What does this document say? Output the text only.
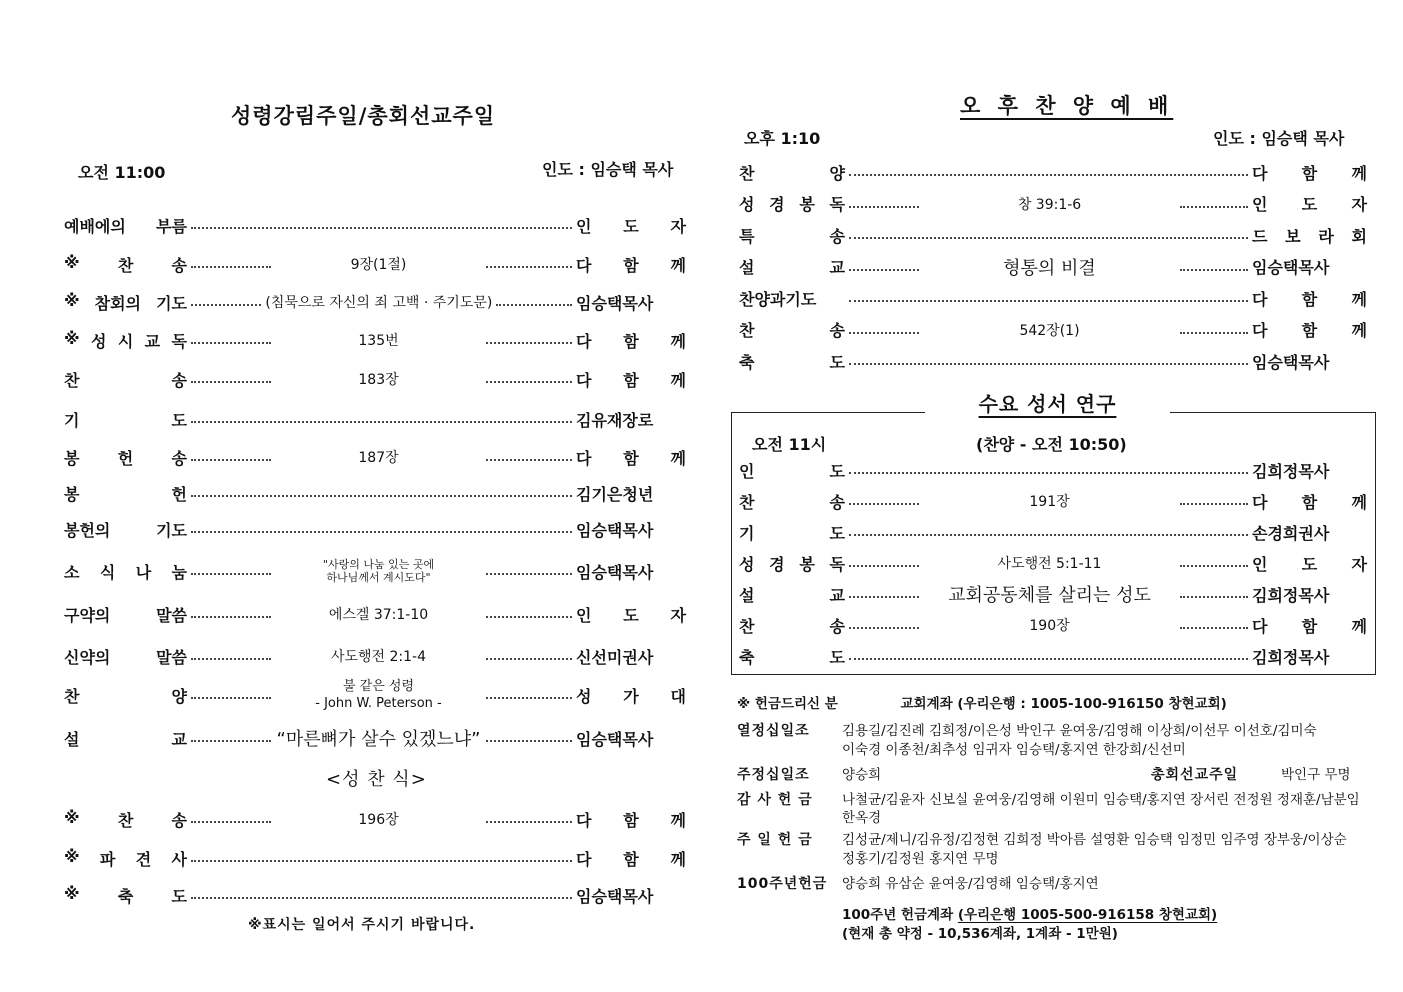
성령강림주일/총회선교주일
오전 11:00	인도 : 임승택 목사
예배에의 부름	인 도 자
※ 찬 송	9장(1절)	다 함 께
※ 참회의 기도	(침묵으로 자신의 죄 고백 · 주기도문)	임승택목사
※ 성 시 교 독	135번	다 함 께
찬	송	183장	다 함 께
기	도	김유재장로
봉 헌 송	187장	다 함 께
봉	헌	김기은청년
봉헌의	기도	임승택목사
소 식 나 눔	"사랑의 나눔 있는 곳에
하나님께서 계시도다"	임승택목사
구약의	말씀	에스겔 37:1-10	인 도 자
신약의	말씀	사도행전 2:1-4	신선미권사
찬	양	불 같은 성령
- John W. Peterson -	성 가 대
설	교	“마른뼈가 살수 있겠느냐”	임승택목사
※ 찬 송	196장	다 함 께
※ 파 견 사	다 함 께
※ 축 도	임승택목사
<성 찬 식>
※표시는 일어서 주시기 바랍니다.
오 후 찬 양 예 배
오후 1:10	인도 : 임승택 목사
찬	양	다 함 께
성 경 봉 독	창 39:1-6	인 도 자
특	송	드 보 라 회
설	교	형통의 비결	임승택목사
찬양과기도	다 함 께
찬	송	542장(1)	다 함 께
축	도	임승택목사
수요 성서 연구
오전 11시	(찬양 - 오전 10:50)
인	도	김희정목사
찬	송	191장	다 함 께
기	도	손경희권사
성 경 봉 독	사도행전 5:1-11	인 도 자
설	교	교회공동체를 살리는 성도	김희정목사
찬	송	190장	다 함 께
축	도	김희정목사
※ 헌금드리신 분	교회계좌 (우리은행 : 1005-100-916150 창현교회)
열정십일조 김용길/김진례 김희정/이은성 박인구 윤여웅/김영해 이상희/이선무 이선호/김미숙
이숙경 이종천/최추성 임귀자 임승택/홍지연 한강희/신선미
주정십일조 양승희	총회선교주일	박인구 무명
감 사 헌 금 나철균/김윤자 신보실 윤여웅/김영해 이원미 임승택/홍지연 장서린 전정원 정재훈/남분임
한옥경
주 일 헌 금 김성균/제니/김유정/김정현 김희정 박아름 설영환 임승택 임정민 임주영 장부웅/이상순
정홍기/김정원 홍지연 무명
100주년헌금 양승희 유삼순 윤여웅/김영해 임승택/홍지연
100주년 헌금계좌 (우리은행 1005-500-916158 창현교회)
(현재 총 약정 - 10,536계좌, 1계좌 - 1만원)
